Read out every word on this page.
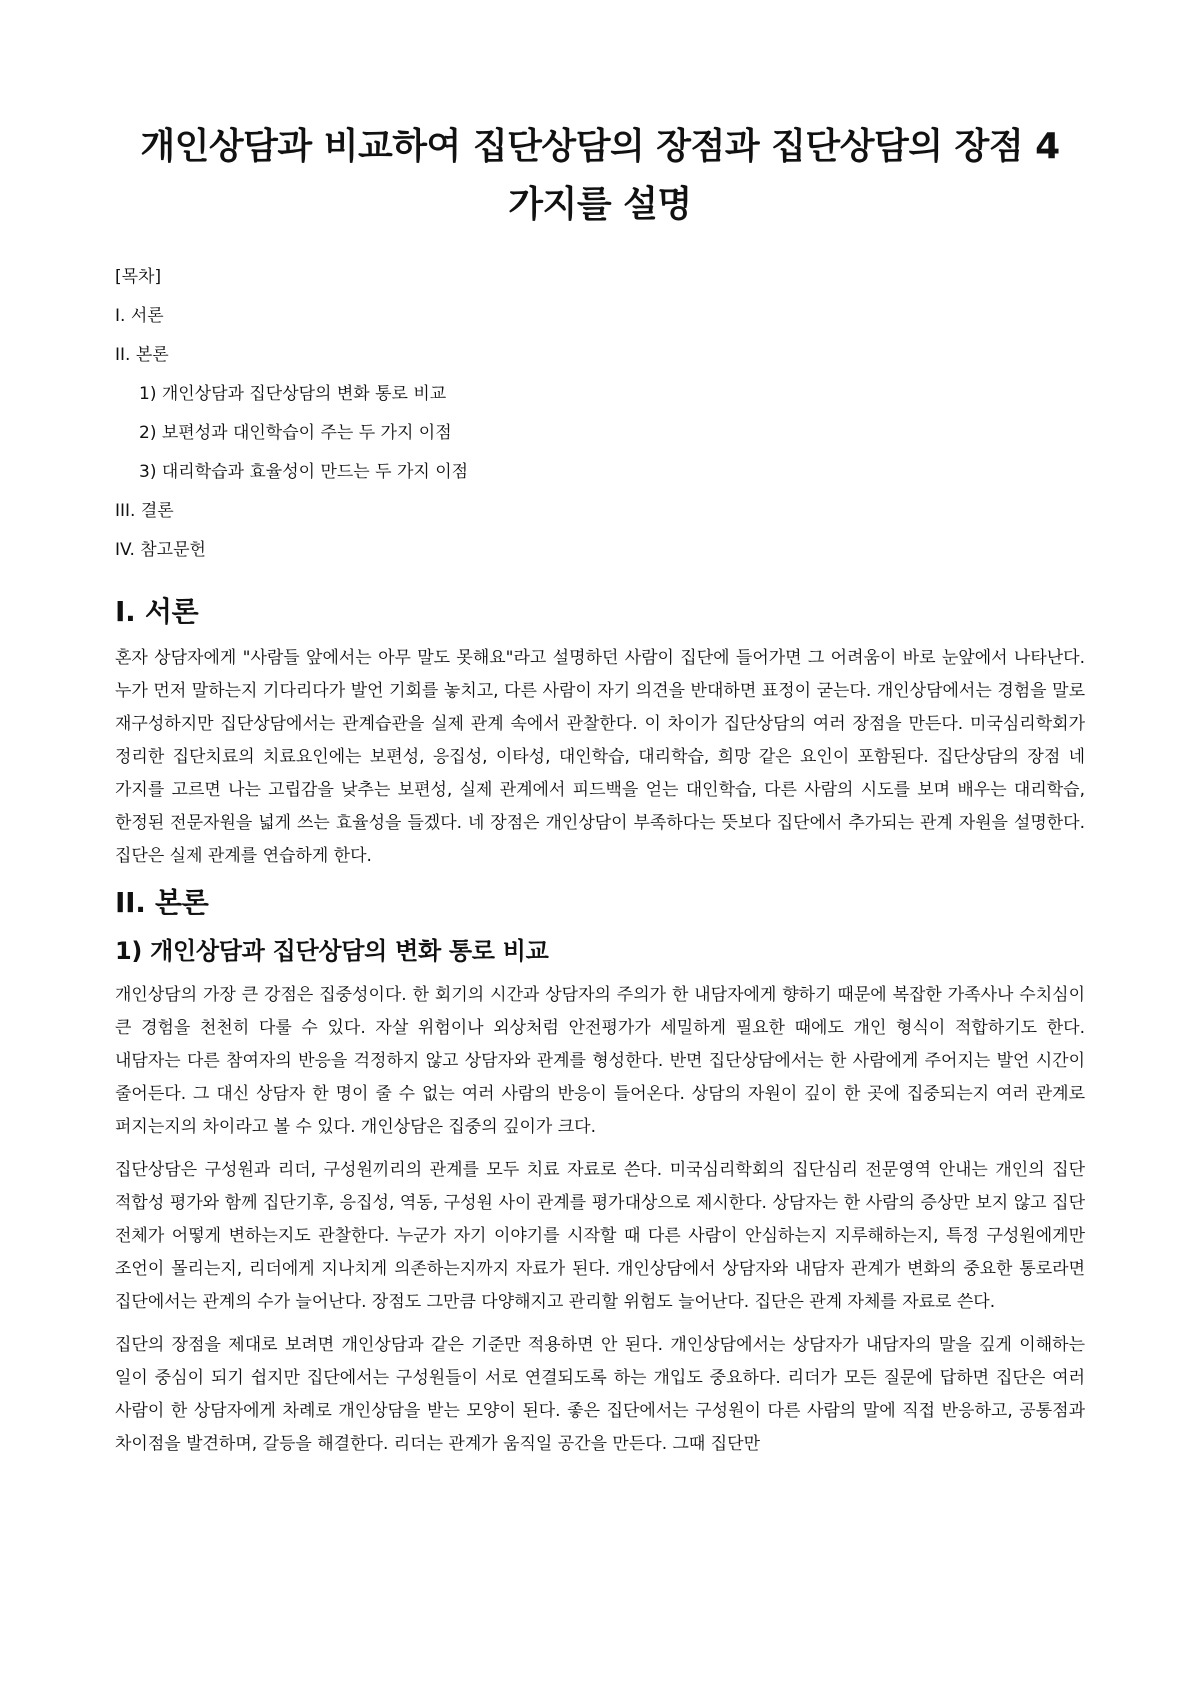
개인상담과 비교하여 집단상담의 장점과 집단상담의 장점 4가지를 설명
[목차]
I. 서론
II. 본론
1) 개인상담과 집단상담의 변화 통로 비교
2) 보편성과 대인학습이 주는 두 가지 이점
3) 대리학습과 효율성이 만드는 두 가지 이점
III. 결론
IV. 참고문헌
I. 서론

혼자 상담자에게 "사람들 앞에서는 아무 말도 못해요"라고 설명하던 사람이 집단에 들어가면 그 어려움이 바로 눈앞에서 나타난다. 누가 먼저 말하는지 기다리다가 발언 기회를 놓치고, 다른 사람이 자기 의견을 반대하면 표정이 굳는다. 개인상담에서는 경험을 말로 재구성하지만 집단상담에서는 관계습관을 실제 관계 속에서 관찰한다. 이 차이가 집단상담의 여러 장점을 만든다. 미국심리학회가 정리한 집단치료의 치료요인에는 보편성, 응집성, 이타성, 대인학습, 대리학습, 희망 같은 요인이 포함된다. 집단상담의 장점 네 가지를 고르면 나는 고립감을 낮추는 보편성, 실제 관계에서 피드백을 얻는 대인학습, 다른 사람의 시도를 보며 배우는 대리학습, 한정된 전문자원을 넓게 쓰는 효율성을 들겠다. 네 장점은 개인상담이 부족하다는 뜻보다 집단에서 추가되는 관계 자원을 설명한다. 집단은 실제 관계를 연습하게 한다.

II. 본론
1) 개인상담과 집단상담의 변화 통로 비교

개인상담의 가장 큰 강점은 집중성이다. 한 회기의 시간과 상담자의 주의가 한 내담자에게 향하기 때문에 복잡한 가족사나 수치심이 큰 경험을 천천히 다룰 수 있다. 자살 위험이나 외상처럼 안전평가가 세밀하게 필요한 때에도 개인 형식이 적합하기도 한다. 내담자는 다른 참여자의 반응을 걱정하지 않고 상담자와 관계를 형성한다. 반면 집단상담에서는 한 사람에게 주어지는 발언 시간이 줄어든다. 그 대신 상담자 한 명이 줄 수 없는 여러 사람의 반응이 들어온다. 상담의 자원이 깊이 한 곳에 집중되는지 여러 관계로 퍼지는지의 차이라고 볼 수 있다. 개인상담은 집중의 깊이가 크다.

집단상담은 구성원과 리더, 구성원끼리의 관계를 모두 치료 자료로 쓴다. 미국심리학회의 집단심리 전문영역 안내는 개인의 집단 적합성 평가와 함께 집단기후, 응집성, 역동, 구성원 사이 관계를 평가대상으로 제시한다. 상담자는 한 사람의 증상만 보지 않고 집단 전체가 어떻게 변하는지도 관찰한다. 누군가 자기 이야기를 시작할 때 다른 사람이 안심하는지 지루해하는지, 특정 구성원에게만 조언이 몰리는지, 리더에게 지나치게 의존하는지까지 자료가 된다. 개인상담에서 상담자와 내담자 관계가 변화의 중요한 통로라면 집단에서는 관계의 수가 늘어난다. 장점도 그만큼 다양해지고 관리할 위험도 늘어난다. 집단은 관계 자체를 자료로 쓴다.

집단의 장점을 제대로 보려면 개인상담과 같은 기준만 적용하면 안 된다. 개인상담에서는 상담자가 내담자의 말을 깊게 이해하는 일이 중심이 되기 쉽지만 집단에서는 구성원들이 서로 연결되도록 하는 개입도 중요하다. 리더가 모든 질문에 답하면 집단은 여러 사람이 한 상담자에게 차례로 개인상담을 받는 모양이 된다. 좋은 집단에서는 구성원이 다른 사람의 말에 직접 반응하고, 공통점과 차이점을 발견하며, 갈등을 해결한다. 리더는 관계가 움직일 공간을 만든다. 그때 집단만
